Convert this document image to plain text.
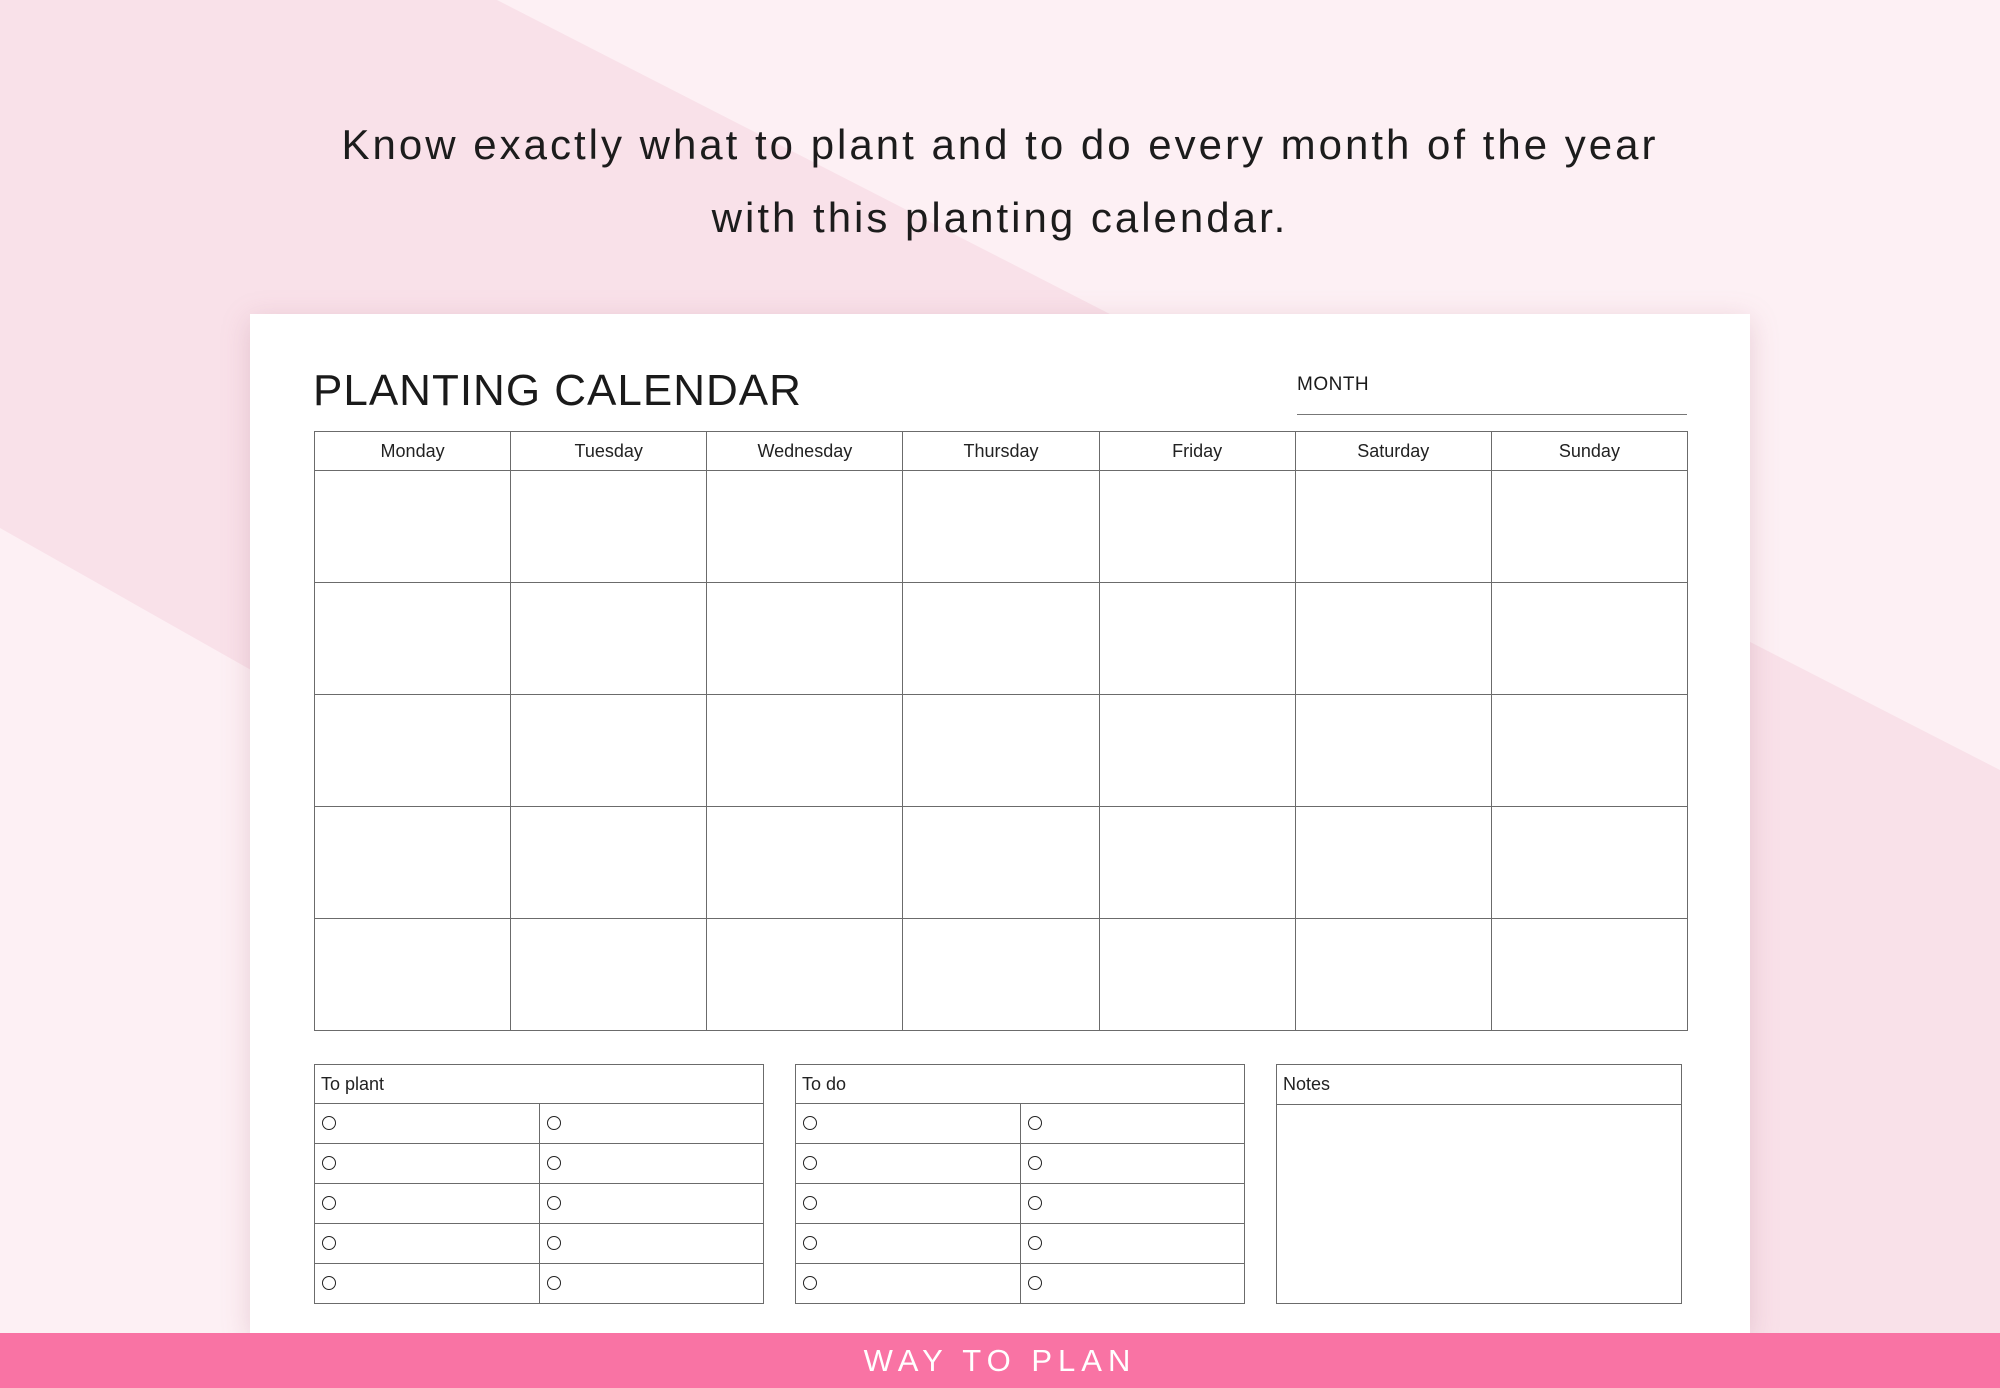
Know exactly what to plant and to do every month of the year
with this planting calendar.
PLANTING CALENDAR	MONTH
Monday	Tuesday	Wednesday	Thursday	Friday	Saturday	Sunday

To plant	

		To do	

		Notes
WAY TO PLAN
